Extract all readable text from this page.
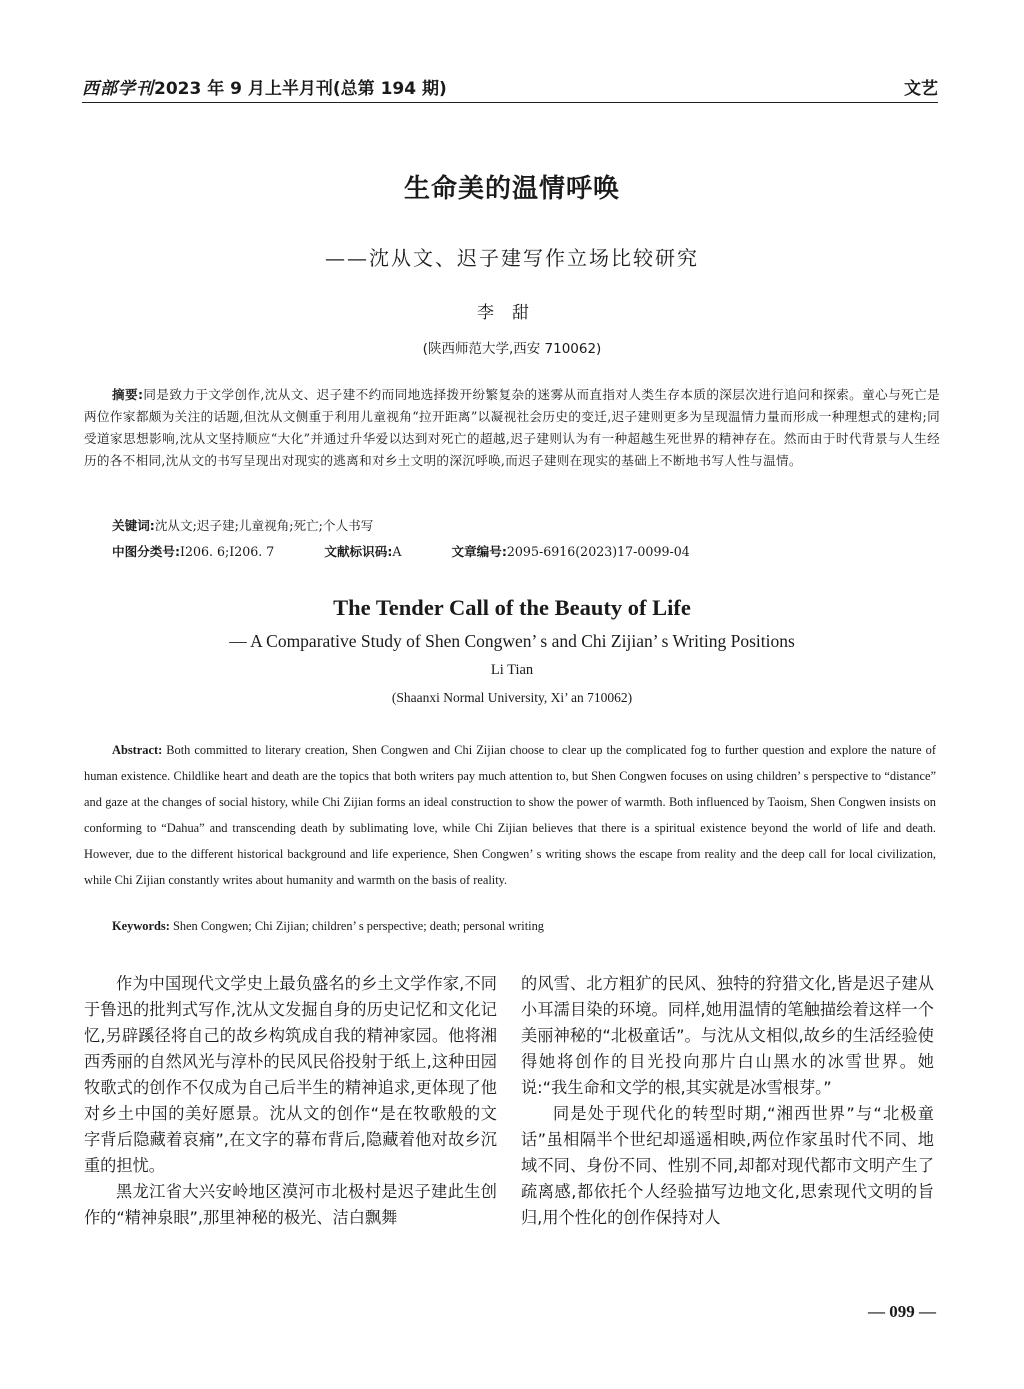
西部学刊2023 年 9 月上半月刊(总第 194 期)	文艺
生命美的温情呼唤
——沈从文、迟子建写作立场比较研究
李甜
(陕西师范大学,西安 710062)
摘要:同是致力于文学创作,沈从文、迟子建不约而同地选择拨开纷繁复杂的迷雾从而直指对人类生存本质的深层次进行追问和探索。童心与死亡是两位作家都颇为关注的话题,但沈从文侧重于利用儿童视角“拉开距离”以凝视社会历史的变迁,迟子建则更多为呈现温情力量而形成一种理想式的建构;同受道家思想影响,沈从文坚持顺应“大化”并通过升华爱以达到对死亡的超越,迟子建则认为有一种超越生死世界的精神存在。然而由于时代背景与人生经历的各不相同,沈从文的书写呈现出对现实的逃离和对乡土文明的深沉呼唤,而迟子建则在现实的基础上不断地书写人性与温情。
关键词:沈从文;迟子建;儿童视角;死亡;个人书写
中图分类号:I206. 6;I206. 7	文献标识码:A	文章编号:2095-6916(2023)17-0099-04
The Tender Call of the Beauty of Life
— A Comparative Study of Shen Congwen’ s and Chi Zijian’ s Writing Positions
Li Tian
(Shaanxi Normal University, Xi’ an 710062)
Abstract: Both committed to literary creation, Shen Congwen and Chi Zijian choose to clear up the complicated fog to further question and explore the nature of human existence. Childlike heart and death are the topics that both writers pay much attention to, but Shen Congwen focuses on using children’ s perspective to “distance” and gaze at the changes of social history, while Chi Zijian forms an ideal construction to show the power of warmth. Both influenced by Taoism, Shen Congwen insists on conforming to “Dahua” and transcending death by sublimating love, while Chi Zijian believes that there is a spiritual existence beyond the world of life and death. However, due to the different historical background and life experience, Shen Congwen’ s writing shows the escape from reality and the deep call for local civilization, while Chi Zijian constantly writes about humanity and warmth on the basis of reality.
Keywords: Shen Congwen; Chi Zijian; children’ s perspective; death; personal writing

作为中国现代文学史上最负盛名的乡土文学作家,不同于鲁迅的批判式写作,沈从文发掘自身的历史记忆和文化记忆,另辟蹊径将自己的故乡构筑成自我的精神家园。他将湘西秀丽的自然风光与淳朴的民风民俗投射于纸上,这种田园牧歌式的创作不仅成为自己后半生的精神追求,更体现了他对乡土中国的美好愿景。沈从文的创作“是在牧歌般的文字背后隐藏着哀痛”,在文字的幕布背后,隐藏着他对故乡沉重的担忧。

黑龙江省大兴安岭地区漠河市北极村是迟子建此生创作的“精神泉眼”,那里神秘的极光、洁白飘舞

的风雪、北方粗犷的民风、独特的狩猎文化,皆是迟子建从小耳濡目染的环境。同样,她用温情的笔触描绘着这样一个美丽神秘的“北极童话”。与沈从文相似,故乡的生活经验使得她将创作的目光投向那片白山黑水的冰雪世界。她说:“我生命和文学的根,其实就是冰雪根芽。”

同是处于现代化的转型时期,“湘西世界”与“北极童话”虽相隔半个世纪却遥遥相映,两位作家虽时代不同、地域不同、身份不同、性别不同,却都对现代都市文明产生了疏离感,都依托个人经验描写边地文化,思索现代文明的旨归,用个性化的创作保持对人

— 099 —
